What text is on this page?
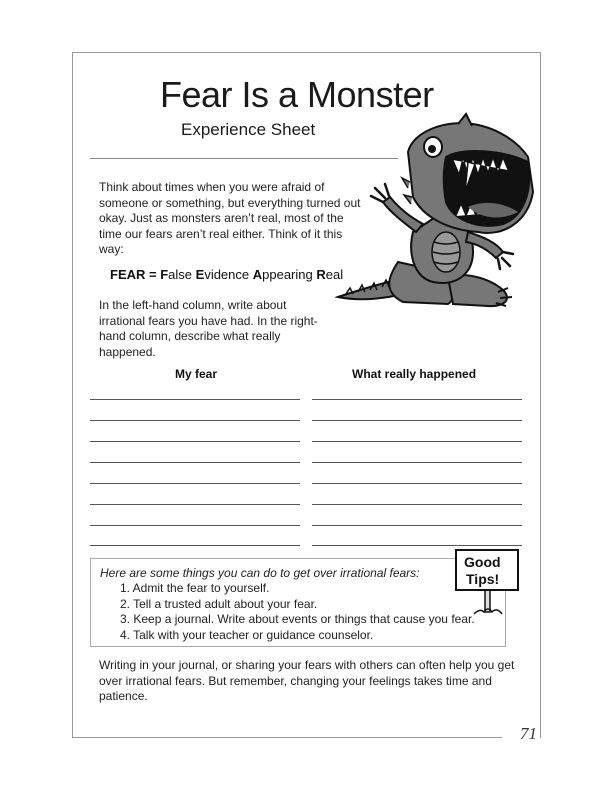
Fear Is a Monster
Experience Sheet
Think about times when you were afraid of someone or something, but everything turned out okay. Just as monsters aren’t real, most of the time our fears aren’t real either. Think of it this way:
FEAR = False Evidence Appearing Real
In the left-hand column, write about irrational fears you have had. In the right-hand column, describe what really happened.
My fear	What really happened
Here are some things you can do to get over irrational fears:
1. Admit the fear to yourself.
2. Tell a trusted adult about your fear.
3. Keep a journal. Write about events or things that cause you fear.
4. Talk with your teacher or guidance counselor.
Good
Tips!
Writing in your journal, or sharing your fears with others can often help you get over irrational fears. But remember, changing your feelings takes time and patience.
71
